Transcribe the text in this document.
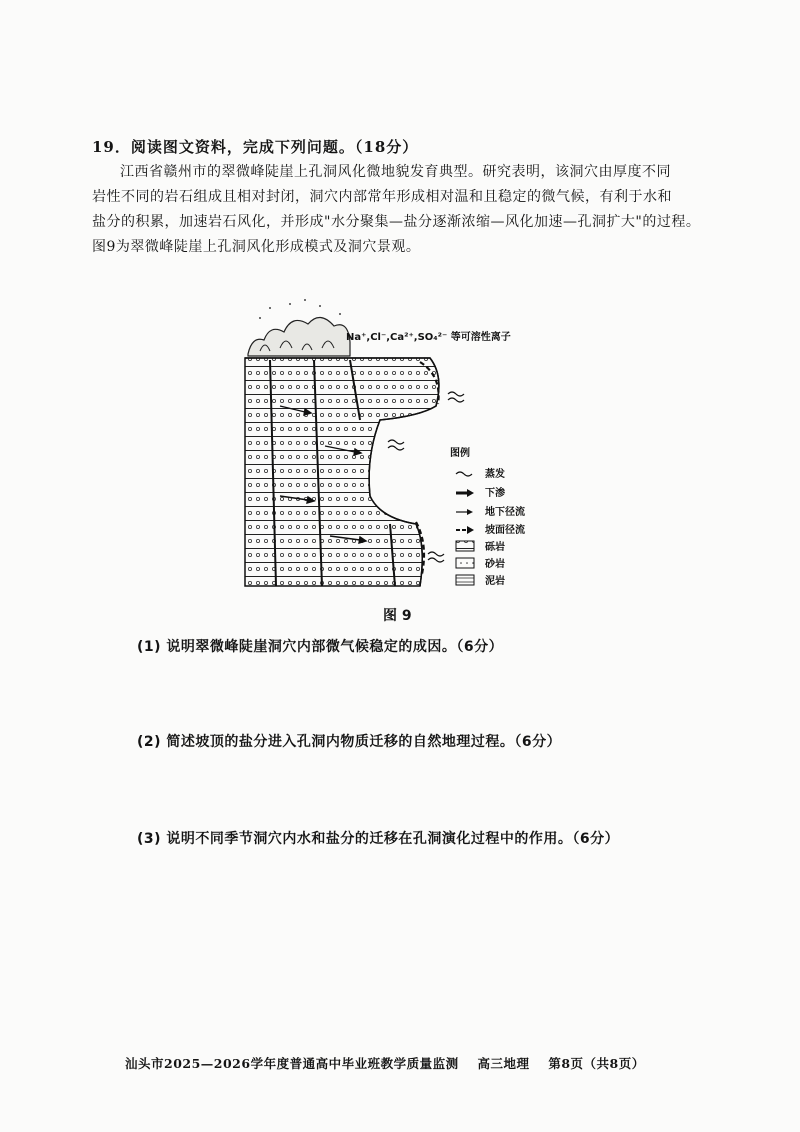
19．阅读图文资料，完成下列问题。（18分）

江西省赣州市的翠微峰陡崖上孔洞风化微地貌发育典型。研究表明，该洞穴由厚度不同

岩性不同的岩石组成且相对封闭，洞穴内部常年形成相对温和且稳定的微气候，有利于水和

盐分的积累，加速岩石风化，并形成"水分聚集—盐分逐渐浓缩—风化加速—孔洞扩大"的过程。

图9为翠微峰陡崖上孔洞风化形成模式及洞穴景观。

Na⁺,Cl⁻,Ca²⁺,SO₄²⁻ 等可溶性离子
图例
蒸发
下渗
地下径流
坡面径流
砾岩
砂岩
泥岩
图 9
(1) 说明翠微峰陡崖洞穴内部微气候稳定的成因。（6分）
(2) 简述坡顶的盐分进入孔洞内物质迁移的自然地理过程。（6分）
(3) 说明不同季节洞穴内水和盐分的迁移在孔洞演化过程中的作用。（6分）
汕头市2025—2026学年度普通高中毕业班教学质量监测 高三地理 第8页（共8页）
